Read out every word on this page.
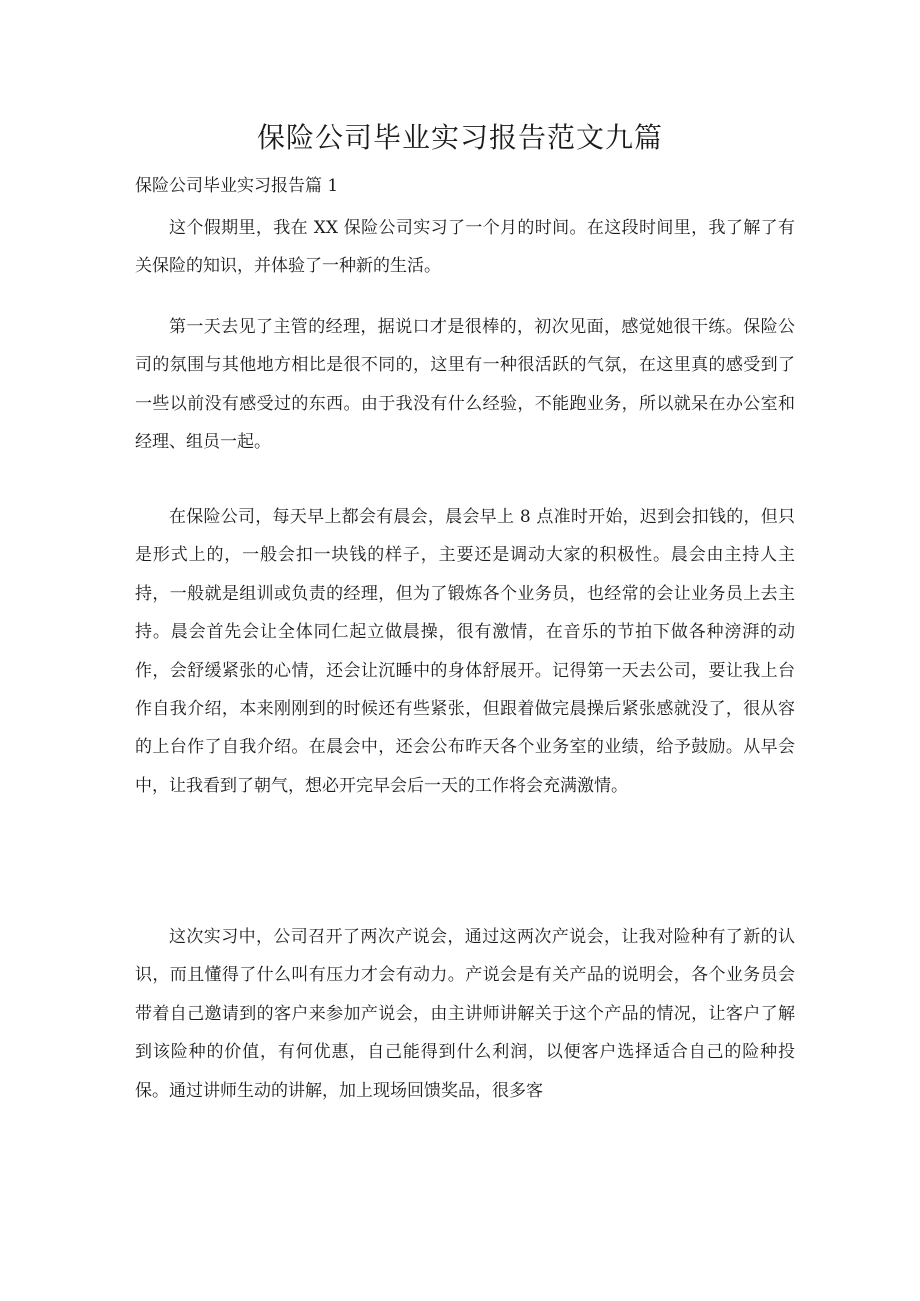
保险公司毕业实习报告范文九篇
保险公司毕业实习报告篇 1

这个假期里，我在 XX 保险公司实习了一个月的时间。在这段时间里，我了解了有关保险的知识，并体验了一种新的生活。

第一天去见了主管的经理，据说口才是很棒的，初次见面，感觉她很干练。保险公司的氛围与其他地方相比是很不同的，这里有一种很活跃的气氛，在这里真的感受到了一些以前没有感受过的东西。由于我没有什么经验，不能跑业务，所以就呆在办公室和经理、组员一起。

在保险公司，每天早上都会有晨会，晨会早上 8 点准时开始，迟到会扣钱的，但只是形式上的，一般会扣一块钱的样子，主要还是调动大家的积极性。晨会由主持人主持，一般就是组训或负责的经理，但为了锻炼各个业务员，也经常的会让业务员上去主持。晨会首先会让全体同仁起立做晨操，很有激情，在音乐的节拍下做各种滂湃的动作，会舒缓紧张的心情，还会让沉睡中的身体舒展开。记得第一天去公司，要让我上台作自我介绍，本来刚刚到的时候还有些紧张，但跟着做完晨操后紧张感就没了，很从容的上台作了自我介绍。在晨会中，还会公布昨天各个业务室的业绩，给予鼓励。从早会中，让我看到了朝气，想必开完早会后一天的工作将会充满激情。

这次实习中，公司召开了两次产说会，通过这两次产说会，让我对险种有了新的认识，而且懂得了什么叫有压力才会有动力。产说会是有关产品的说明会，各个业务员会带着自己邀请到的客户来参加产说会，由主讲师讲解关于这个产品的情况，让客户了解到该险种的价值，有何优惠，自己能得到什么利润，以便客户选择适合自己的险种投保。通过讲师生动的讲解，加上现场回馈奖品，很多客
